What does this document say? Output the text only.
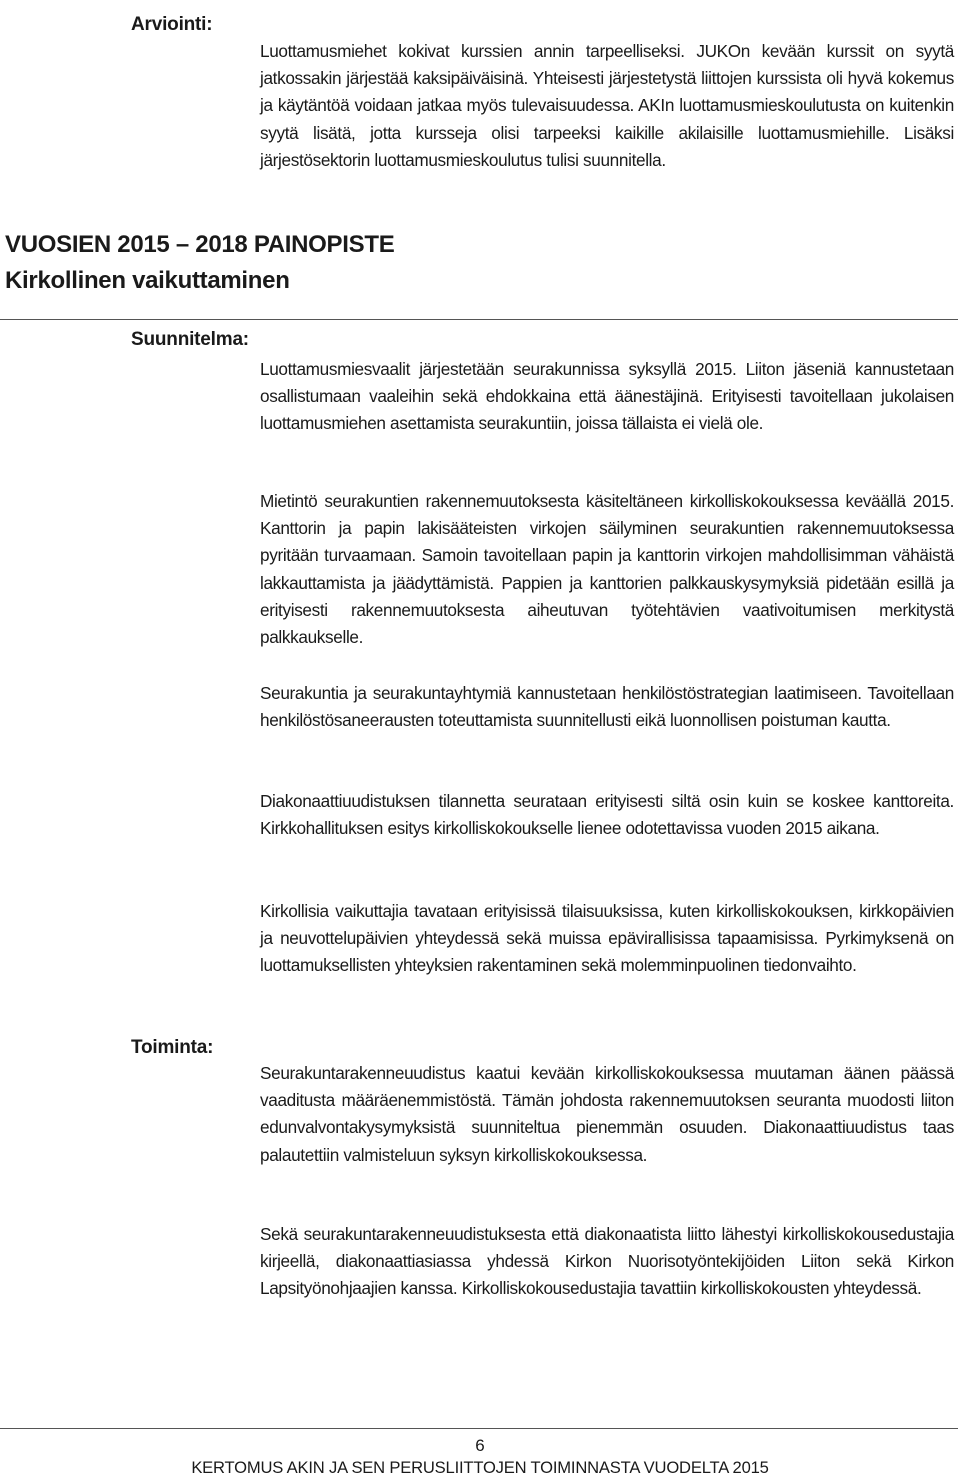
Arviointi:

Luottamusmiehet kokivat kurssien annin tarpeelliseksi. JUKOn kevään kurssit on syytä jatkossakin järjestää kaksipäiväisinä. Yhteisesti järjestetystä liittojen kurssista oli hyvä kokemus ja käytäntöä voidaan jatkaa myös tulevaisuudessa. AKIn luottamusmieskoulutusta on kuitenkin syytä lisätä, jotta kursseja olisi tarpeeksi kaikille akilaisille luottamusmiehille. Lisäksi järjestösektorin luottamusmieskoulutus tulisi suunnitella.

VUOSIEN 2015 – 2018 PAINOPISTE
Kirkollinen vaikuttaminen
Suunnitelma:

Luottamusmiesvaalit järjestetään seurakunnissa syksyllä 2015. Liiton jäseniä kannustetaan osallistumaan vaaleihin sekä ehdokkaina että äänestäjinä. Erityisesti tavoitellaan jukolaisen luottamusmiehen asettamista seurakuntiin, joissa tällaista ei vielä ole.

Mietintö seurakuntien rakennemuutoksesta käsiteltäneen kirkolliskokouksessa keväällä 2015. Kanttorin ja papin lakisääteisten virkojen säilyminen seurakuntien rakennemuutoksessa pyritään turvaamaan. Samoin tavoitellaan papin ja kanttorin virkojen mahdollisimman vähäistä lakkauttamista ja jäädyttämistä. Pappien ja kanttorien palkkauskysymyksiä pidetään esillä ja erityisesti rakennemuutoksesta aiheutuvan työtehtävien vaativoitumisen merkitystä palkkaukselle.

Seurakuntia ja seurakuntayhtymiä kannustetaan henkilöstöstrategian laatimiseen. Tavoitellaan henkilöstösaneerausten toteuttamista suunnitellusti eikä luonnollisen poistuman kautta.

Diakonaattiuudistuksen tilannetta seurataan erityisesti siltä osin kuin se koskee kanttoreita. Kirkkohallituksen esitys kirkolliskokoukselle lienee odotettavissa vuoden 2015 aikana.

Kirkollisia vaikuttajia tavataan erityisissä tilaisuuksissa, kuten kirkolliskokouksen, kirkkopäivien ja neuvottelupäivien yhteydessä sekä muissa epävirallisissa tapaamisissa. Pyrkimyksenä on luottamuksellisten yhteyksien rakentaminen sekä molemminpuolinen tiedonvaihto.

Toiminta:

Seurakuntarakenneuudistus kaatui kevään kirkolliskokouksessa muutaman äänen päässä vaaditusta määräenemmistöstä. Tämän johdosta rakennemuutoksen seuranta muodosti liiton edunvalvontakysymyksistä suunniteltua pienemmän osuuden. Diakonaattiuudistus taas palautettiin valmisteluun syksyn kirkolliskokouksessa.

Sekä seurakuntarakenneuudistuksesta että diakonaatista liitto lähestyi kirkolliskokousedustajia kirjeellä, diakonaattiasiassa yhdessä Kirkon Nuorisotyöntekijöiden Liiton sekä Kirkon Lapsityönohjaajien kanssa. Kirkolliskokousedustajia tavattiin kirkolliskokousten yhteydessä.

6
KERTOMUS AKIN JA SEN PERUSLIITTOJEN TOIMINNASTA VUODELTA 2015
